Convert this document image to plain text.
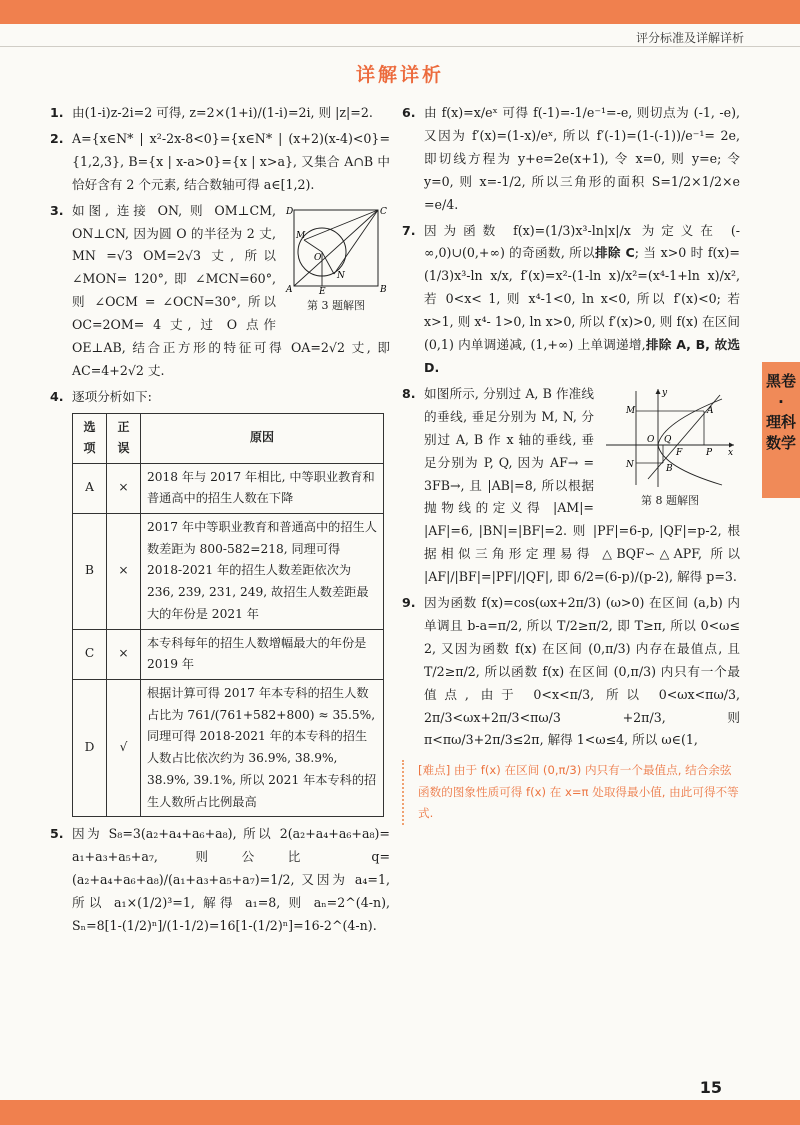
评分标准及详解详析
详解详析
黑卷
·
理科
数学
1. 由(1-i)z-2i=2 可得, z=2×(1+i)/(1-i)=2i, 则 |z|=2.
2. A={x∈N* | x²-2x-8<0}={x∈N* | (x+2)(x-4)<0}={1,2,3}, B={x | x-a>0}={x | x>a}, 又集合 A∩B 中恰好含有 2 个元素, 结合数轴可得 a∈[1,2).
3.	D	C
M
N
O
A	E	B
第 3 题解图
如图, 连接 ON, 则 OM⊥CM, ON⊥CN, 因为圆 O 的半径为 2 丈, MN =√3 OM=2√3 丈, 所以 ∠MON= 120°, 即 ∠MCN=60°, 则 ∠OCM = ∠OCN=30°, 所以 OC=2OM= 4 丈, 过 O 点作 OE⊥AB, 结合正方形的特征可得 OA=2√2 丈, 即 AC=4+2√2 丈.
4. 逐项分析如下:
选项	正误	原因
A	×	2018 年与 2017 年相比, 中等职业教育和普通高中的招生人数在下降
B	×	2017 年中等职业教育和普通高中的招生人数差距为 800-582=218, 同理可得 2018-2021 年的招生人数差距依次为 236, 239, 231, 249, 故招生人数差距最大的年份是 2021 年
C	×	本专科每年的招生人数增幅最大的年份是 2019 年
D	√	根据计算可得 2017 年本专科的招生人数占比为 761/(761+582+800) ≈ 35.5%, 同理可得 2018-2021 年的本专科的招生人数占比依次约为 36.9%, 38.9%, 38.9%, 39.1%, 所以 2021 年本专科的招生人数所占比例最高
5. 因为 S₈=3(a₂+a₄+a₆+a₈), 所以 2(a₂+a₄+a₆+a₈)= a₁+a₃+a₅+a₇, 则公比 q=(a₂+a₄+a₆+a₈)/(a₁+a₃+a₅+a₇)=1/2, 又因为 a₄=1, 所以 a₁×(1/2)³=1, 解得 a₁=8, 则 aₙ=2^(4-n), Sₙ=8[1-(1/2)ⁿ]/(1-1/2)=16[1-(1/2)ⁿ]=16-2^(4-n).
6. 由 f(x)=x/eˣ 可得 f(-1)=-1/e⁻¹=-e, 则切点为 (-1, -e), 又因为 f′(x)=(1-x)/eˣ, 所以 f′(-1)=(1-(-1))/e⁻¹= 2e, 即切线方程为 y+e=2e(x+1), 令 x=0, 则 y=e; 令 y=0, 则 x=-1/2, 所以三角形的面积 S=1/2×1/2×e =e/4.
7. 因为函数 f(x)=(1/3)x³-ln|x|/x 为定义在 (-∞,0)∪(0,+∞) 的奇函数, 所以排除 C; 当 x>0 时 f(x)= (1/3)x³-ln x/x, f′(x)=x²-(1-ln x)/x²=(x⁴-1+ln x)/x², 若 0<x< 1, 则 x⁴-1<0, ln x<0, 所以 f′(x)<0; 若 x>1, 则 x⁴- 1>0, ln x>0, 所以 f′(x)>0, 则 f(x) 在区间 (0,1) 内单调递减, (1,+∞) 上单调递增,排除 A, B, 故选 D.
8.	y
M	A
O Q
F	P x
N	B
第 8 题解图
如图所示, 分别过 A, B 作准线的垂线, 垂足分别为 M, N, 分别过 A, B 作 x 轴的垂线, 垂足分别为 P, Q, 因为 AF→ = 3FB→, 且 |AB|=8, 所以根据抛物线的定义得 |AM|= |AF|=6, |BN|=|BF|=2. 则 |PF|=6-p, |QF|=p-2, 根据相似三角形定理易得 △BQF∽△APF, 所以 |AF|/|BF|=|PF|/|QF|, 即 6/2=(6-p)/(p-2), 解得 p=3.
9. 因为函数 f(x)=cos(ωx+2π/3) (ω>0) 在区间 (a,b) 内单调且 b-a=π/2, 所以 T/2≥π/2, 即 T≥π, 所以 0<ω≤ 2, 又因为函数 f(x) 在区间 (0,π/3) 内存在最值点, 且 T/2≥π/2, 所以函数 f(x) 在区间 (0,π/3) 内只有一个最值点, 由于 0<x<π/3, 所以 0<ωx<πω/3, 2π/3<ωx+2π/3<πω/3 +2π/3, 则 π<πω/3+2π/3≤2π, 解得 1<ω≤4, 所以 ω∈(1,
[难点] 由于 f(x) 在区间 (0,π/3) 内只有一个最值点, 结合余弦函数的图象性质可得 f(x) 在 x=π 处取得最小值, 由此可得不等式.
15
